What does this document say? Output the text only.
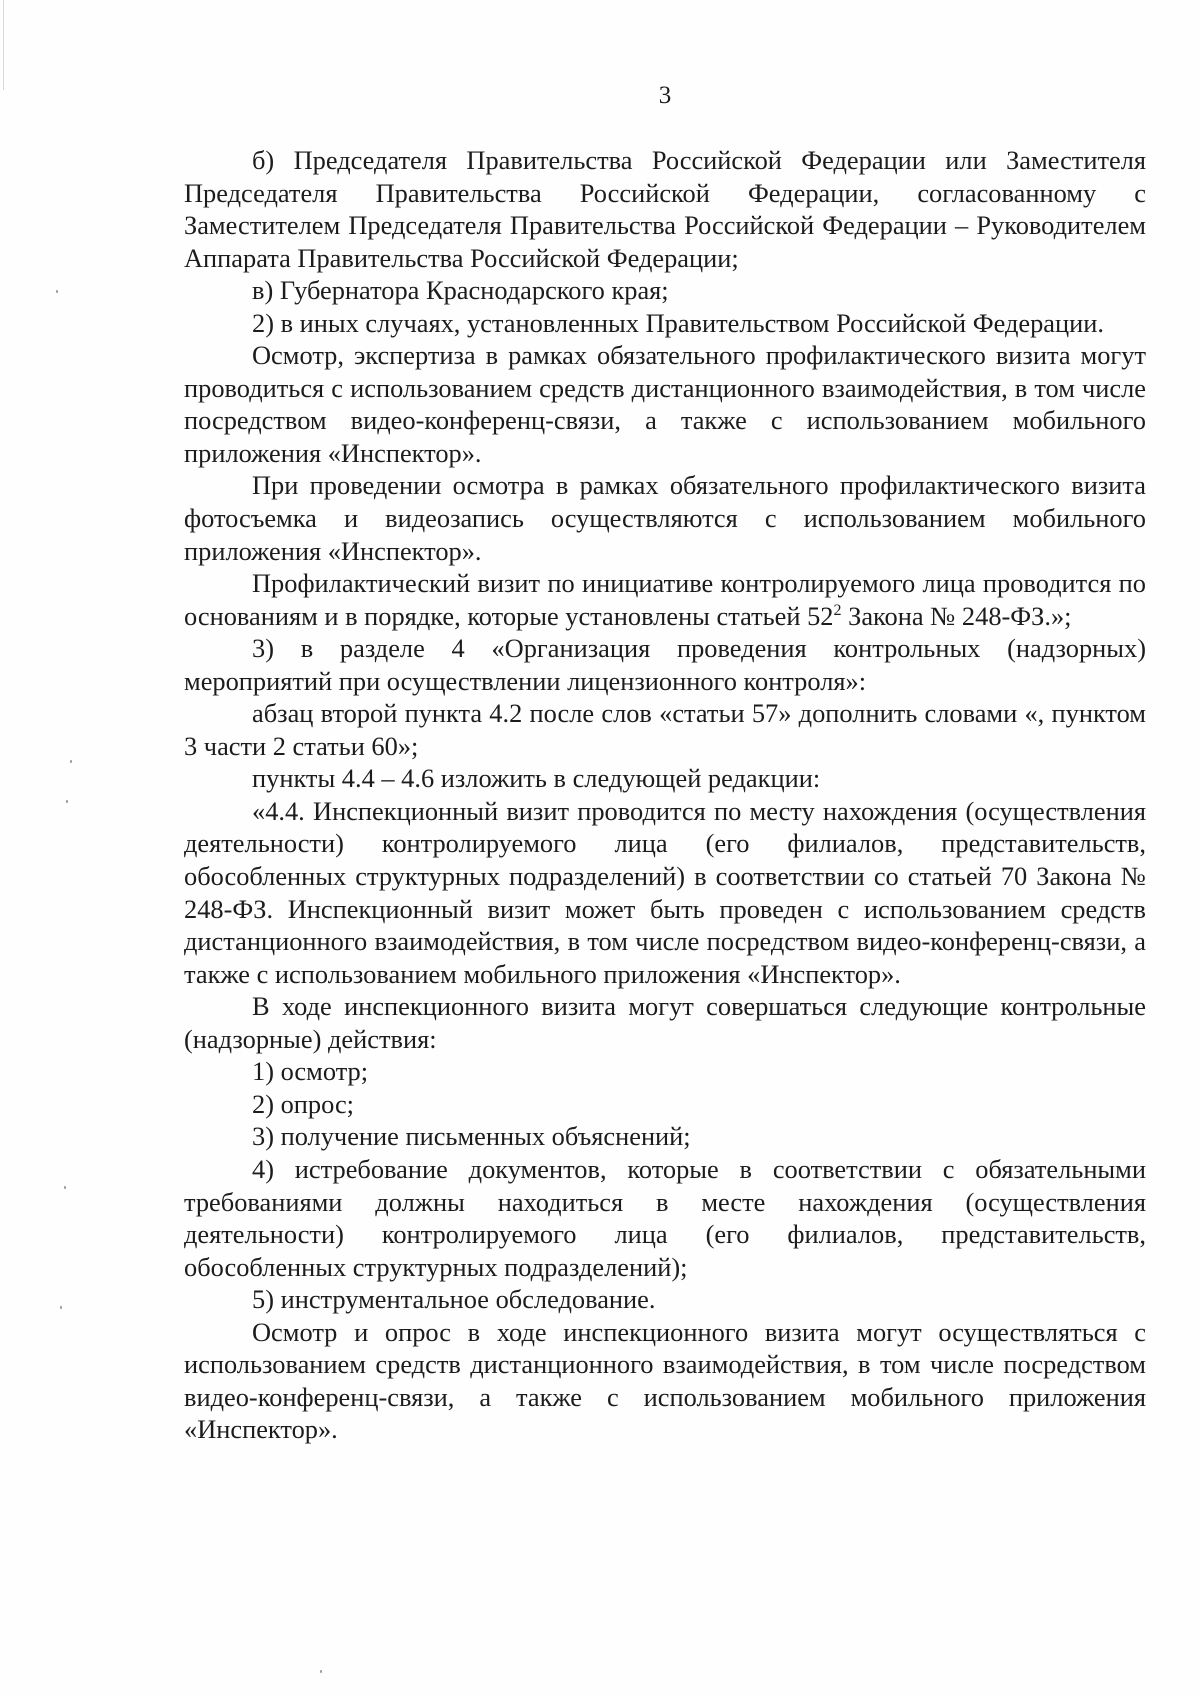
3

б) Председателя Правительства Российской Федерации или Заместителя Председателя Правительства Российской Федерации, согласованному с Заместителем Председателя Правительства Российской Федерации – Руководителем Аппарата Правительства Российской Федерации;

в) Губернатора Краснодарского края;

2) в иных случаях, установленных Правительством Российской Федерации.

Осмотр, экспертиза в рамках обязательного профилактического визита могут проводиться с использованием средств дистанционного взаимодействия, в том числе посредством видео-конференц-связи, а также с использованием мобильного приложения «Инспектор».

При проведении осмотра в рамках обязательного профилактического визита фотосъемка и видеозапись осуществляются с использованием мобильного приложения «Инспектор».

Профилактический визит по инициативе контролируемого лица проводится по основаниям и в порядке, которые установлены статьей $52^2$ Закона № 248-ФЗ.»;

3) в разделе 4 «Организация проведения контрольных (надзорных) мероприятий при осуществлении лицензионного контроля»:

абзац второй пункта 4.2 после слов «статьи 57» дополнить словами «, пунктом 3 части 2 статьи 60»;

пункты 4.4 – 4.6 изложить в следующей редакции:

«4.4. Инспекционный визит проводится по месту нахождения (осуществления деятельности) контролируемого лица (его филиалов, представительств, обособленных структурных подразделений) в соответствии со статьей 70 Закона № 248-ФЗ. Инспекционный визит может быть проведен с использованием средств дистанционного взаимодействия, в том числе посредством видео-конференц-связи, а также с использованием мобильного приложения «Инспектор».

В ходе инспекционного визита могут совершаться следующие контрольные (надзорные) действия:

1) осмотр;

2) опрос;

3) получение письменных объяснений;

4) истребование документов, которые в соответствии с обязательными требованиями должны находиться в месте нахождения (осуществления деятельности) контролируемого лица (его филиалов, представительств, обособленных структурных подразделений);

5) инструментальное обследование.

Осмотр и опрос в ходе инспекционного визита могут осуществляться с использованием средств дистанционного взаимодействия, в том числе посредством видео-конференц-связи, а также с использованием мобильного приложения «Инспектор».
